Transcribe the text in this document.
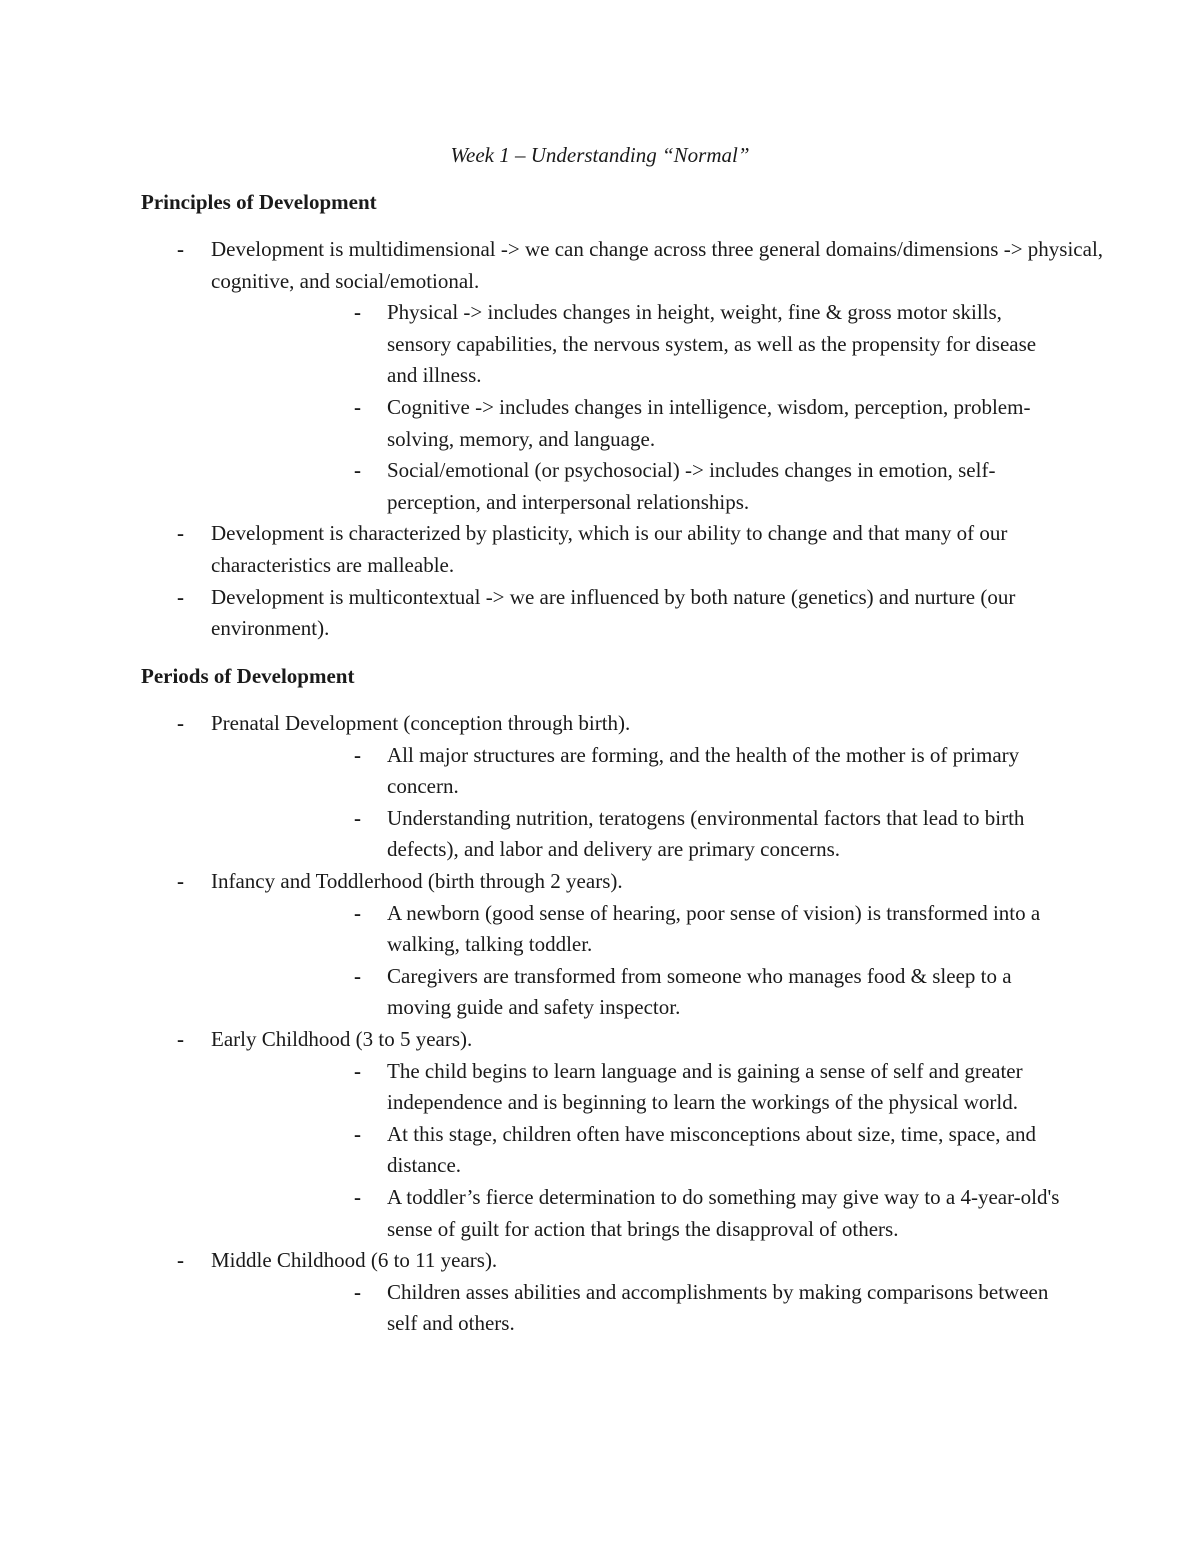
Week 1 – Understanding “Normal”

Principles of Development

- Development is multidimensional -> we can change across three general domains/dimensions -> physical, cognitive, and social/emotional.
- Physical -> includes changes in height, weight, fine & gross motor skills, sensory capabilities, the nervous system, as well as the propensity for disease and illness.
- Cognitive -> includes changes in intelligence, wisdom, perception, problem-solving, memory, and language.
- Social/emotional (or psychosocial) -> includes changes in emotion, self-perception, and interpersonal relationships.
- Development is characterized by plasticity, which is our ability to change and that many of our characteristics are malleable.
- Development is multicontextual -> we are influenced by both nature (genetics) and nurture (our environment).

Periods of Development

- Prenatal Development (conception through birth).
- All major structures are forming, and the health of the mother is of primary concern.
- Understanding nutrition, teratogens (environmental factors that lead to birth defects), and labor and delivery are primary concerns.
- Infancy and Toddlerhood (birth through 2 years).
- A newborn (good sense of hearing, poor sense of vision) is transformed into a walking, talking toddler.
- Caregivers are transformed from someone who manages food & sleep to a moving guide and safety inspector.
- Early Childhood (3 to 5 years).
- The child begins to learn language and is gaining a sense of self and greater independence and is beginning to learn the workings of the physical world.
- At this stage, children often have misconceptions about size, time, space, and distance.
- A toddler’s fierce determination to do something may give way to a 4-year-old's sense of guilt for action that brings the disapproval of others.
- Middle Childhood (6 to 11 years).
- Children asses abilities and accomplishments by making comparisons between self and others.
